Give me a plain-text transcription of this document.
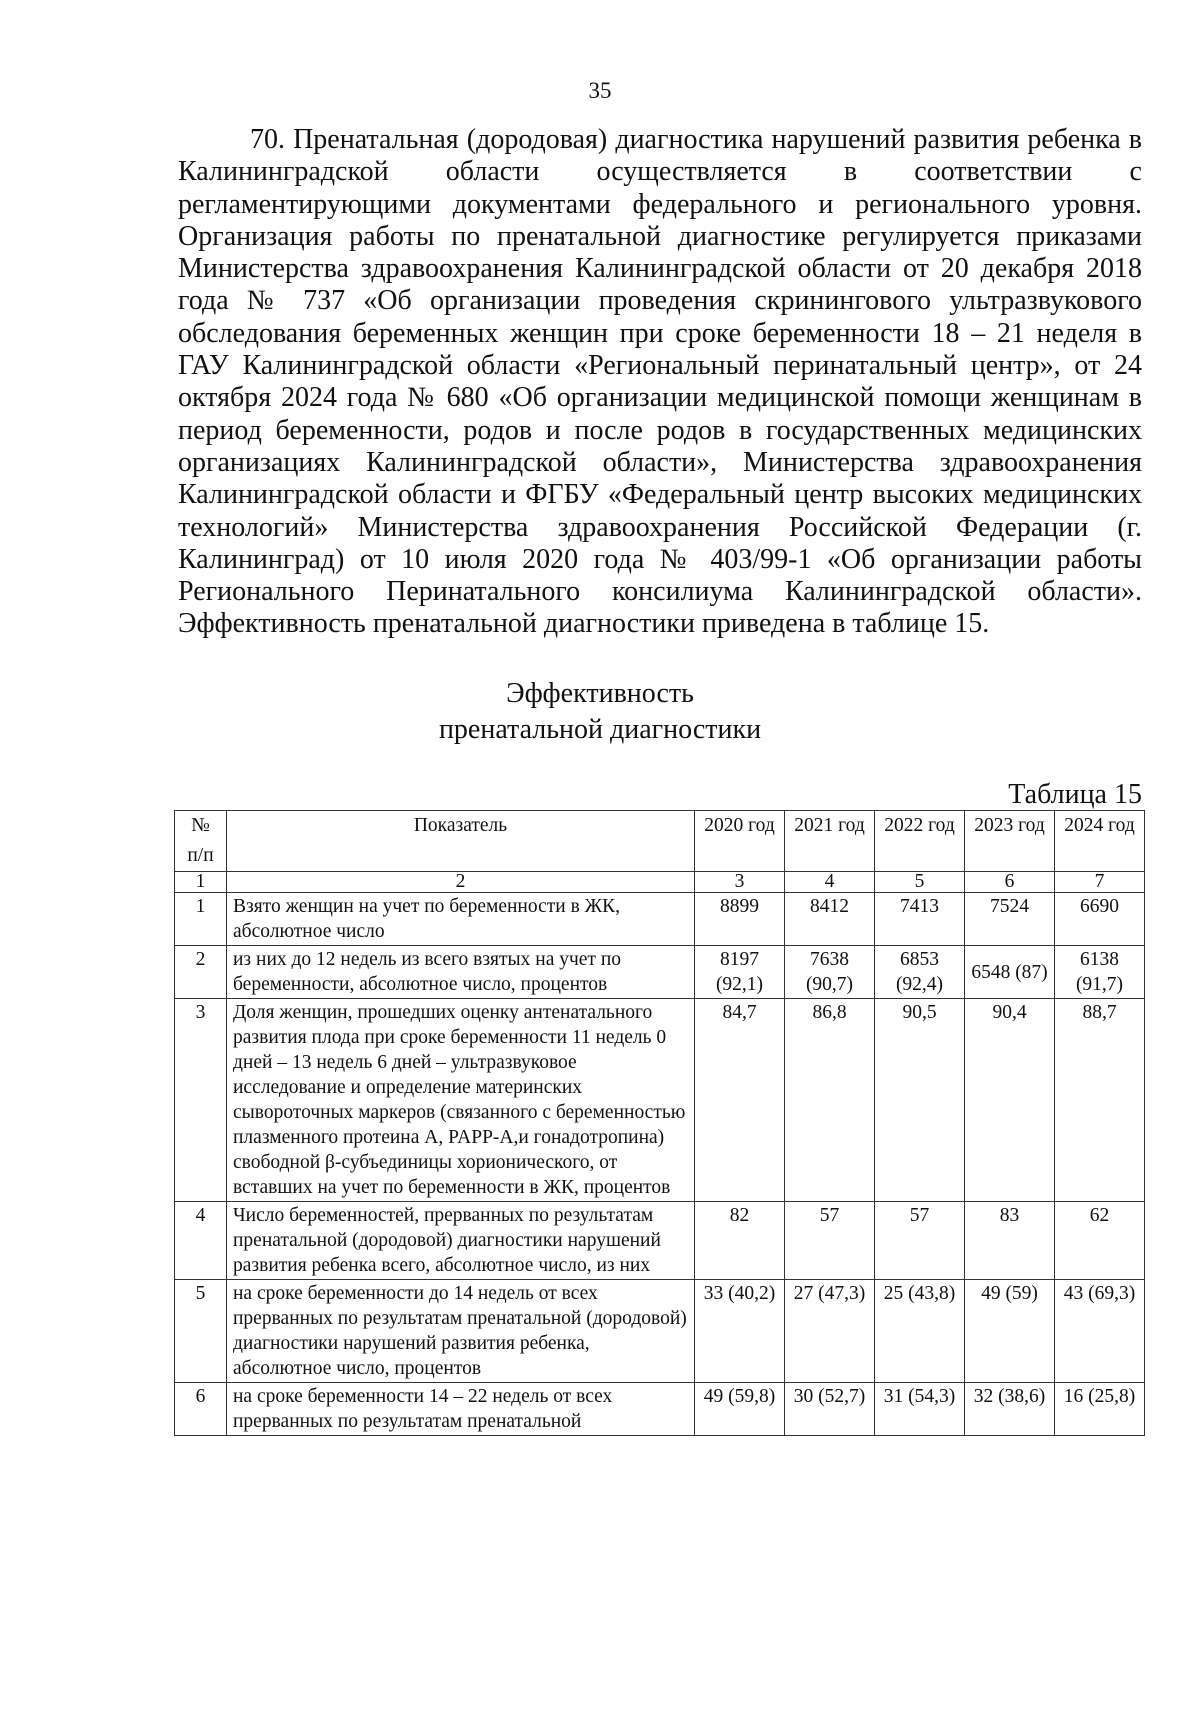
35

70. Пренатальная (дородовая) диагностика нарушений развития ребенка в Калининградской области осуществляется в соответствии с регламентирующими документами федерального и регионального уровня. Организация работы по пренатальной диагностике регулируется приказами Министерства здравоохранения Калининградской области от 20 декабря 2018 года № 737 «Об организации проведения скринингового ультразвукового обследования беременных женщин при сроке беременности 18 – 21 неделя в ГАУ Калининградской области «Региональный перинатальный центр», от 24 октября 2024 года № 680 «Об организации медицинской помощи женщинам в период беременности, родов и после родов в государственных медицинских организациях Калининградской области», Министерства здравоохранения Калининградской области и ФГБУ «Федеральный центр высоких медицинских технологий» Министерства здравоохранения Российской Федерации (г. Калининград) от 10 июля 2020 года № 403/99-1 «Об организации работы Регионального Перинатального консилиума Калининградской области». Эффективность пренатальной диагностики приведена в таблице 15.

Эффективность
пренатальной диагностики
Таблица 15
№ п/п	Показатель	2020 год	2021 год	2022 год	2023 год	2024 год
1	2	3	4	5	6	7
1	Взято женщин на учет по беременности в ЖК, абсолютное число	8899	8412	7413	7524	6690
2	из них до 12 недель из всего взятых на учет по беременности, абсолютное число, процентов	8197 (92,1)	7638 (90,7)	6853 (92,4)	6548 (87)	6138 (91,7)
3	Доля женщин, прошедших оценку антенатального развития плода при сроке беременности 11 недель 0 дней – 13 недель 6 дней – ультразвуковое исследование и определение материнских сывороточных маркеров (связанного с беременностью плазменного протеина А, PAPP-A,и гонадотропина) свободной β-субъединицы хорионического, от вставших на учет по беременности в ЖК, процентов	84,7	86,8	90,5	90,4	88,7
4	Число беременностей, прерванных по результатам пренатальной (дородовой) диагностики нарушений развития ребенка всего, абсолютное число, из них	82	57	57	83	62
5	на сроке беременности до 14 недель от всех прерванных по результатам пренатальной (дородовой) диагностики нарушений развития ребенка, абсолютное число, процентов	33 (40,2)	27 (47,3)	25 (43,8)	49 (59)	43 (69,3)
6	на сроке беременности 14 – 22 недель от всех прерванных по результатам пренатальной	49 (59,8)	30 (52,7)	31 (54,3)	32 (38,6)	16 (25,8)
